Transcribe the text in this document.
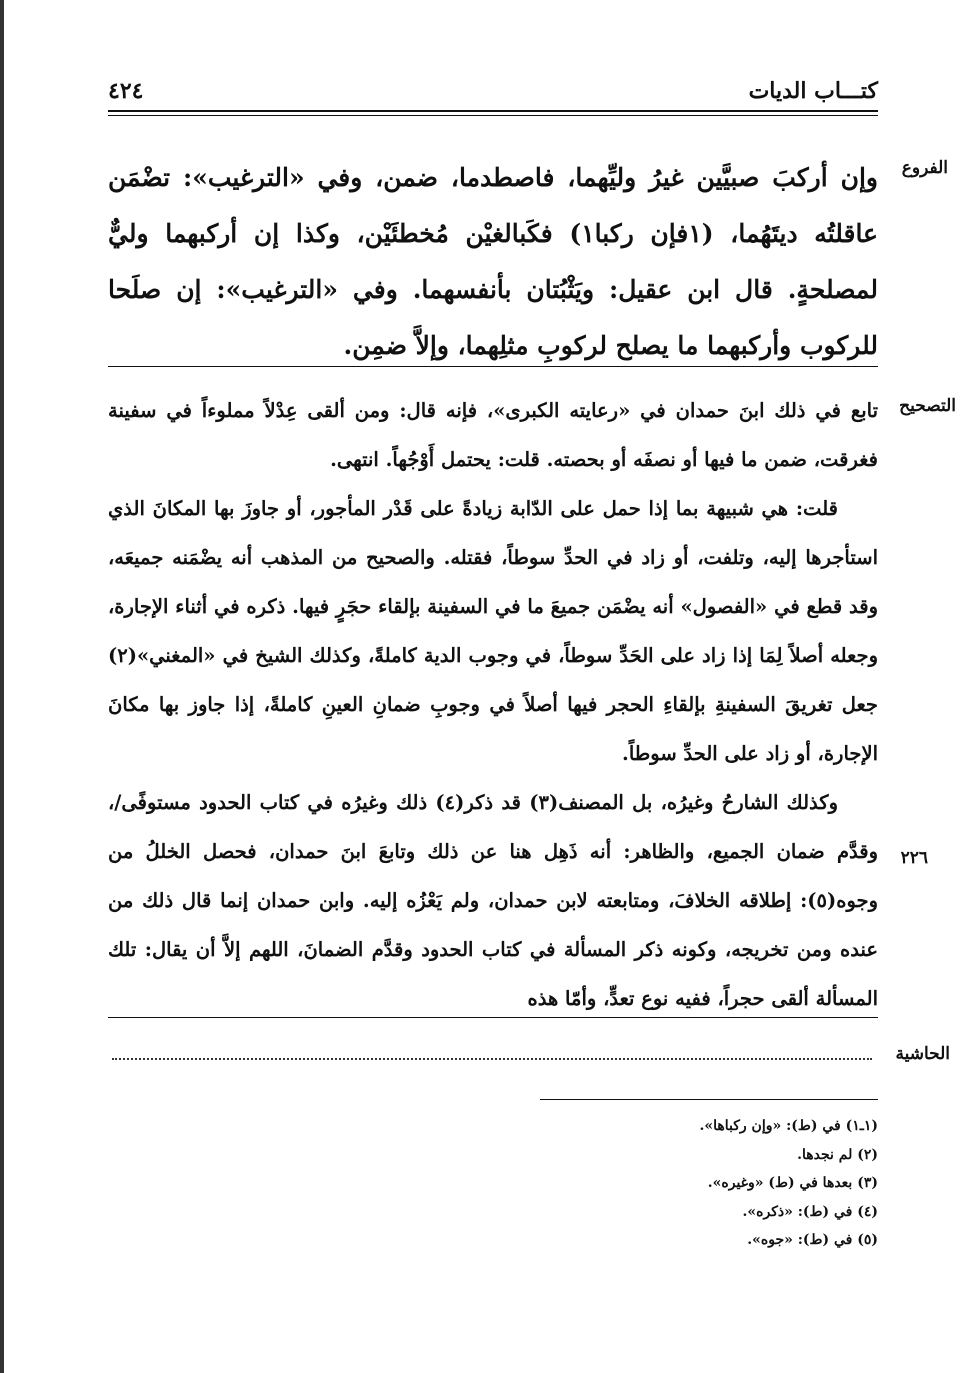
كتـــاب الديات
٤٢٤
الفروع
وإن أركبَ صبيَّين غيرُ وليِّهما، فاصطدما، ضمن، وفي «الترغيب»: تضْمَن عاقلتُه ديتَهُما، (١فإن ركبا١) فكَبالغيْن مُخطئَيْن، وكذا إن أركبهما وليٌّ لمصلحةٍ. قال ابن عقيل: ويَثْبُتان بأنفسهما. وفي «الترغيب»: إن صلَحا للركوب وأركبهما ما يصلح لركوبِ مثلِهما، وإلاَّ ضمِن.
التصحيح

تابع في ذلك ابنَ حمدان في «رعايته الكبرى»، فإنه قال: ومن ألقى عِدْلاً مملوءاً في سفينة فغرقت، ضمن ما فيها أو نصفَه أو بحصته. قلت: يحتمل أَوْجُهاً. انتهى.

قلت: هي شبيهة بما إذا حمل على الدّابة زيادةً على قَدْر المأجور، أو جاوزَ بها المكانَ الذي استأجرها إليه، وتلفت، أو زاد في الحدِّ سوطاً، فقتله. والصحيح من المذهب أنه يضْمَنه جميعَه، وقد قطع في «الفصول» أنه يضْمَن جميعَ ما في السفينة بإلقاء حجَرٍ فيها. ذكره في أثناء الإجارة، وجعله أصلاً لِمَا إذا زاد على الحَدِّ سوطاً، في وجوب الدية كاملةً، وكذلك الشيخ في «المغني»(٢) جعل تغريقَ السفينةِ بإلقاءِ الحجر فيها أصلاً في وجوبِ ضمانِ العينِ كاملةً، إذا جاوز بها مكانَ الإجارة، أو زاد على الحدِّ سوطاً.

وكذلك الشارحُ وغيرُه، بل المصنف(٣) قد ذكر(٤) ذلك وغيرُه في كتاب الحدود مستوفًى/، وقدَّم ضمان الجميع، والظاهر: أنه ذَهِل هنا عن ذلك وتابعَ ابنَ حمدان، فحصل الخللُ من وجوه(٥): إطلاقه الخلافَ، ومتابعته لابن حمدان، ولم يَعْزُه إليه. وابن حمدان إنما قال ذلك من عنده ومن تخريجه، وكونه ذكر المسألة في كتاب الحدود وقدَّم الضمانَ، اللهم إلاَّ أن يقال: تلك المسألة ألقى حجراً، ففيه نوع تعدٍّ، وأمّا هذه

٢٢٦
الحاشية
(١ـ١) في (ط): «وإن ركباها».
(٢) لم نجدها.
(٣) بعدها في (ط) «وغيره».
(٤) في (ط): «ذكره».
(٥) في (ط): «جوه».
